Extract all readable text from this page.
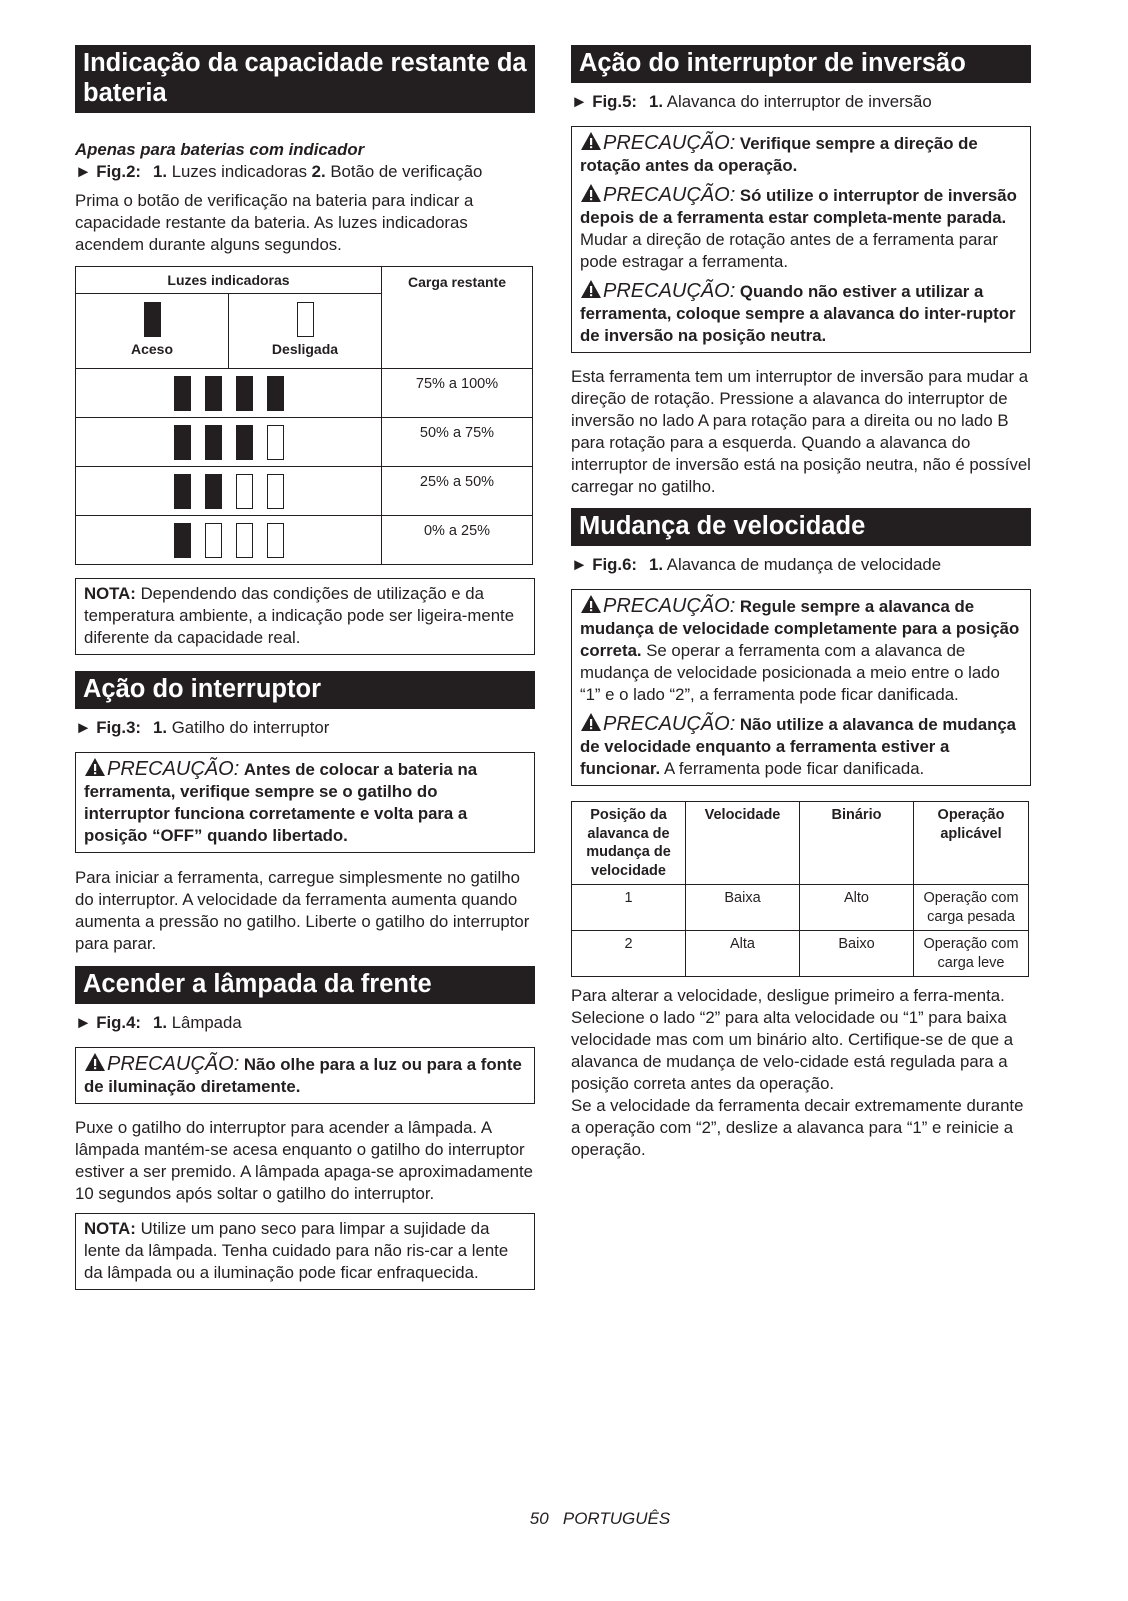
Indicação da capacidade restante da bateria

Apenas para baterias com indicador

► Fig.2: 1. Luzes indicadoras 2. Botão de verificação

Prima o botão de verificação na bateria para indicar a capacidade restante da bateria. As luzes indicadoras acendem durante alguns segundos.

Luzes indicadoras		Carga restante

Aceso	Desligada	

		75% a 100%
		50% a 75%
		25% a 50%
		0% a 25%
NOTA: Dependendo das condições de utilização e da temperatura ambiente, a indicação pode ser ligeira-mente diferente da capacidade real.
Ação do interruptor

► Fig.3: 1. Gatilho do interruptor

PRECAUÇÃO: Antes de colocar a bateria na ferramenta, verifique sempre se o gatilho do interruptor funciona corretamente e volta para a posição “OFF” quando libertado.

Para iniciar a ferramenta, carregue simplesmente no gatilho do interruptor. A velocidade da ferramenta aumenta quando aumenta a pressão no gatilho. Liberte o gatilho do interruptor para parar.

Acender a lâmpada da frente

► Fig.4: 1. Lâmpada

PRECAUÇÃO: Não olhe para a luz ou para a fonte de iluminação diretamente.

Puxe o gatilho do interruptor para acender a lâmpada. A lâmpada mantém-se acesa enquanto o gatilho do interruptor estiver a ser premido. A lâmpada apaga-se aproximadamente 10 segundos após soltar o gatilho do interruptor.

NOTA: Utilize um pano seco para limpar a sujidade da lente da lâmpada. Tenha cuidado para não ris-car a lente da lâmpada ou a iluminação pode ficar enfraquecida.
Ação do interruptor de inversão

► Fig.5: 1. Alavanca do interruptor de inversão

PRECAUÇÃO: Verifique sempre a direção de rotação antes da operação.

PRECAUÇÃO: Só utilize o interruptor de inversão depois de a ferramenta estar completa-mente parada. Mudar a direção de rotação antes de a ferramenta parar pode estragar a ferramenta.

PRECAUÇÃO: Quando não estiver a utilizar a ferramenta, coloque sempre a alavanca do inter-ruptor de inversão na posição neutra.

Esta ferramenta tem um interruptor de inversão para mudar a direção de rotação. Pressione a alavanca do interruptor de inversão no lado A para rotação para a direita ou no lado B para rotação para a esquerda. Quando a alavanca do interruptor de inversão está na posição neutra, não é possível carregar no gatilho.

Mudança de velocidade

► Fig.6: 1. Alavanca de mudança de velocidade

PRECAUÇÃO: Regule sempre a alavanca de mudança de velocidade completamente para a posição correta. Se operar a ferramenta com a alavanca de mudança de velocidade posicionada a meio entre o lado “1” e o lado “2”, a ferramenta pode ficar danificada.

PRECAUÇÃO: Não utilize a alavanca de mudança de velocidade enquanto a ferramenta estiver a funcionar. A ferramenta pode ficar danificada.

Posição da alavanca de mudança de velocidade	Velocidade	Binário	Operação aplicável
1	Baixa	Alto	Operação com carga pesada
2	Alta	Baixo	Operação com carga leve

Para alterar a velocidade, desligue primeiro a ferra-menta. Selecione o lado “2” para alta velocidade ou “1” para baixa velocidade mas com um binário alto. Certifique-se de que a alavanca de mudança de velo-cidade está regulada para a posição correta antes da operação.

Se a velocidade da ferramenta decair extremamente durante a operação com “2”, deslize a alavanca para “1” e reinicie a operação.

50 PORTUGUÊS
